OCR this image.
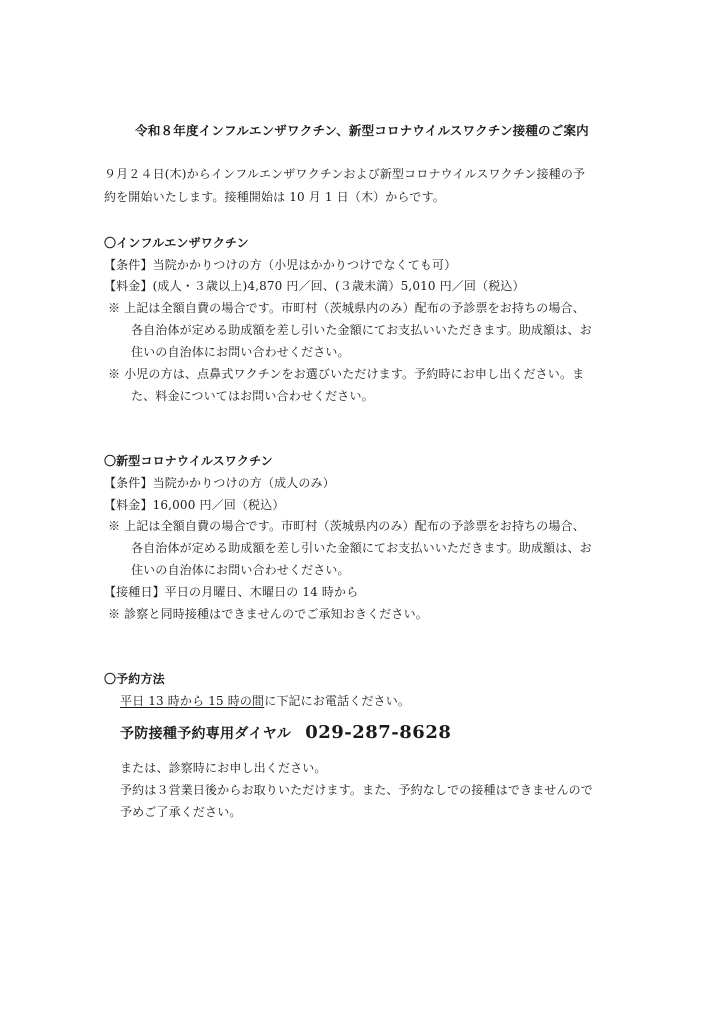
令和８年度インフルエンザワクチン、新型コロナウイルスワクチン接種のご案内
９月２４日(木)からインフルエンザワクチンおよび新型コロナウイルスワクチン接種の予
約を開始いたします。接種開始は 10 月 1 日（木）からです。
〇インフルエンザワクチン
【条件】当院かかりつけの方（小児はかかりつけでなくても可）
【料金】(成人・３歳以上)4,870 円／回、(３歳未満）5,010 円／回（税込）
※ 上記は全額自費の場合です。市町村（茨城県内のみ）配布の予診票をお持ちの場合、
各自治体が定める助成額を差し引いた金額にてお支払いいただきます。助成額は、お
住いの自治体にお問い合わせください。
※ 小児の方は、点鼻式ワクチンをお選びいただけます。予約時にお申し出ください。ま
た、料金についてはお問い合わせください。
〇新型コロナウイルスワクチン
【条件】当院かかりつけの方（成人のみ）
【料金】16,000 円／回（税込）
※ 上記は全額自費の場合です。市町村（茨城県内のみ）配布の予診票をお持ちの場合、
各自治体が定める助成額を差し引いた金額にてお支払いいただきます。助成額は、お
住いの自治体にお問い合わせください。
【接種日】平日の月曜日、木曜日の 14 時から
※ 診察と同時接種はできませんのでご承知おきください。
〇予約方法
平日 13 時から 15 時の間に下記にお電話ください。
予防接種予約専用ダイヤル 029-287-8628
または、診察時にお申し出ください。
予約は３営業日後からお取りいただけます。また、予約なしでの接種はできませんので
予めご了承ください。
